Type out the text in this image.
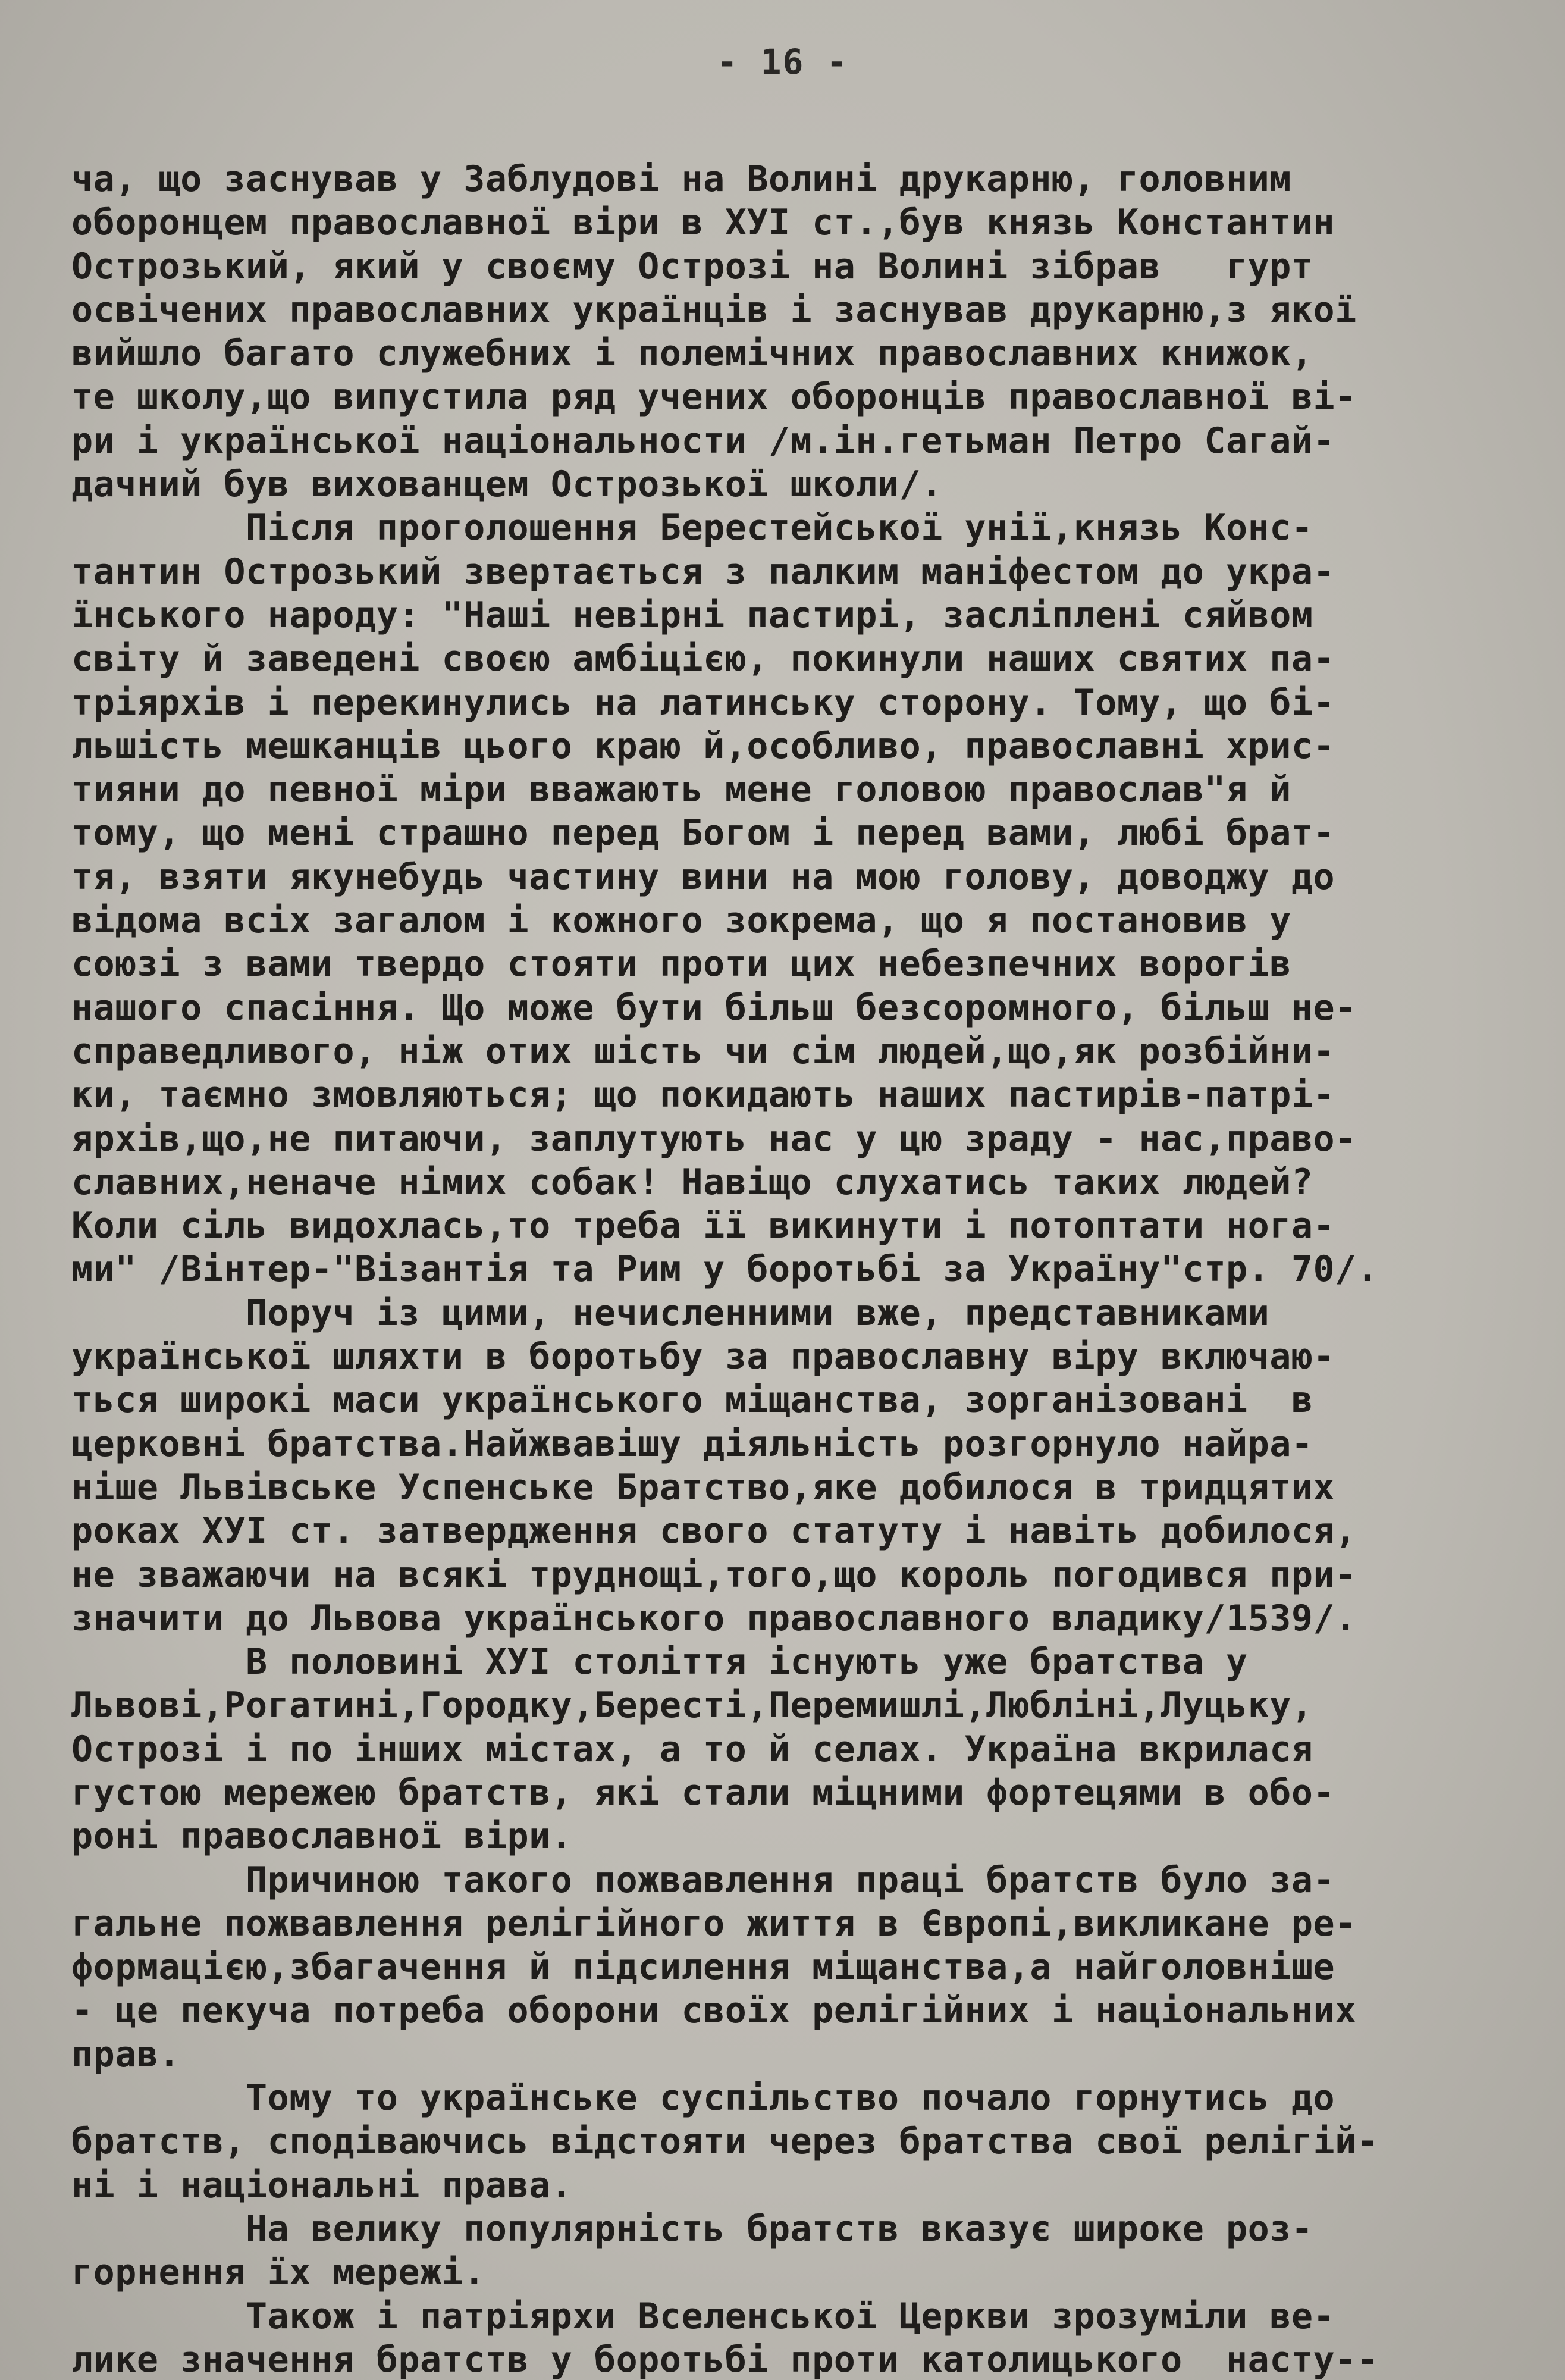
- 16 -
ча, що заснував у Заблудові на Волині друкарню, головним
оборонцем православної віри в ХУІ ст.,був князь Константин
Острозький, який у своєму Острозі на Волині зібрав   гурт
освічених православних українців і заснував друкарню,з якої
вийшло багато служебних і полемічних православних книжок,
те школу,що випустила ряд учених оборонців православної ві-
ри і української національности /м.ін.гетьман Петро Сагай-
дачний був вихованцем Острозької школи/.
Після проголошення Берестейської унії,князь Конс-
тантин Острозький звертається з палким маніфестом до укра-
їнського народу: "Наші невірні пастирі, засліплені сяйвом
світу й заведені своєю амбіцією, покинули наших святих па-
тріярхів і перекинулись на латинську сторону. Тому, що бі-
льшість мешканців цього краю й,особливо, православні хрис-
тияни до певної міри вважають мене головою православ"я й
тому, що мені страшно перед Богом і перед вами, любі брат-
тя, взяти якунебудь частину вини на мою голову, доводжу до
відома всіх загалом і кожного зокрема, що я постановив у
союзі з вами твердо стояти проти цих небезпечних ворогів
нашого спасіння. Що може бути більш безсоромного, більш не-
справедливого, ніж отих шість чи сім людей,що,як розбійни-
ки, таємно змовляються; що покидають наших пастирів-патрі-
ярхів,що,не питаючи, заплутують нас у цю зраду - нас,право-
славних,неначе німих собак! Навіщо слухатись таких людей?
Коли сіль видохлась,то треба її викинути і потоптати нога-
ми" /Вінтер-"Візантія та Рим у боротьбі за Україну"стр. 70/.
Поруч із цими, нечисленними вже, представниками
української шляхти в боротьбу за православну віру включаю-
ться широкі маси українського міщанства, зорганізовані  в
церковні братства.Найжвавішу діяльність розгорнуло найра-
ніше Львівське Успенське Братство,яке добилося в тридцятих
роках ХУІ ст. затвердження свого статуту і навіть добилося,
не зважаючи на всякі труднощі,того,що король погодився при-
значити до Львова українського православного владику/1539/.
В половині ХУІ століття існують уже братства у
Львові,Рогатині,Городку,Бересті,Перемишлі,Любліні,Луцьку,
Острозі і по інших містах, а то й селах. Україна вкрилася
густою мережею братств, які стали міцними фортецями в обо-
роні православної віри.
Причиною такого пожвавлення праці братств було за-
гальне пожвавлення релігійного життя в Європі,викликане ре-
формацією,збагачення й підсилення міщанства,а найголовніше
- це пекуча потреба оборони своїх релігійних і національних
прав.
Тому то українське суспільство почало горнутись до
братств, сподіваючись відстояти через братства свої релігій-
ні і національні права.
На велику популярність братств вказує широке роз-
горнення їх мережі.
Також і патріярхи Вселенської Церкви зрозуміли ве-
лике значення братств у боротьбі проти католицького  насту--
